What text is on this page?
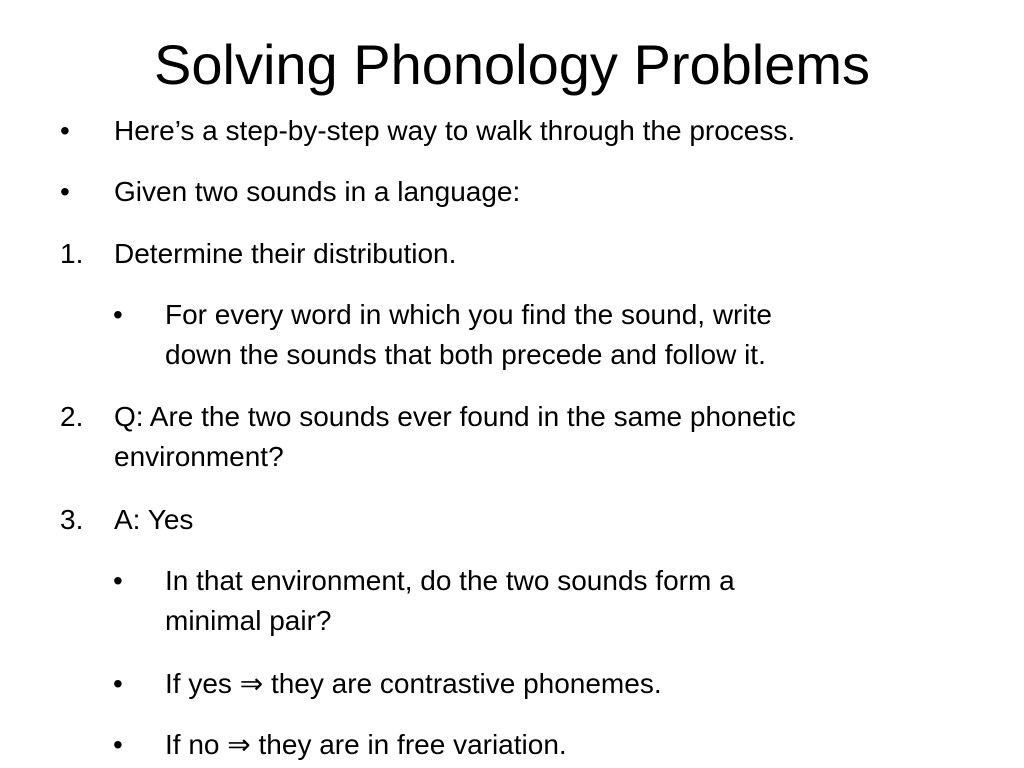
Solving Phonology Problems
• Here’s a step-by-step way to walk through the process.
• Given two sounds in a language:
1. Determine their distribution.
• For every word in which you find the sound, write
down the sounds that both precede and follow it.
2. Q: Are the two sounds ever found in the same phonetic
environment?
3. A: Yes
• In that environment, do the two sounds form a
minimal pair?
• If yes ⇒ they are contrastive phonemes.
• If no ⇒ they are in free variation.
